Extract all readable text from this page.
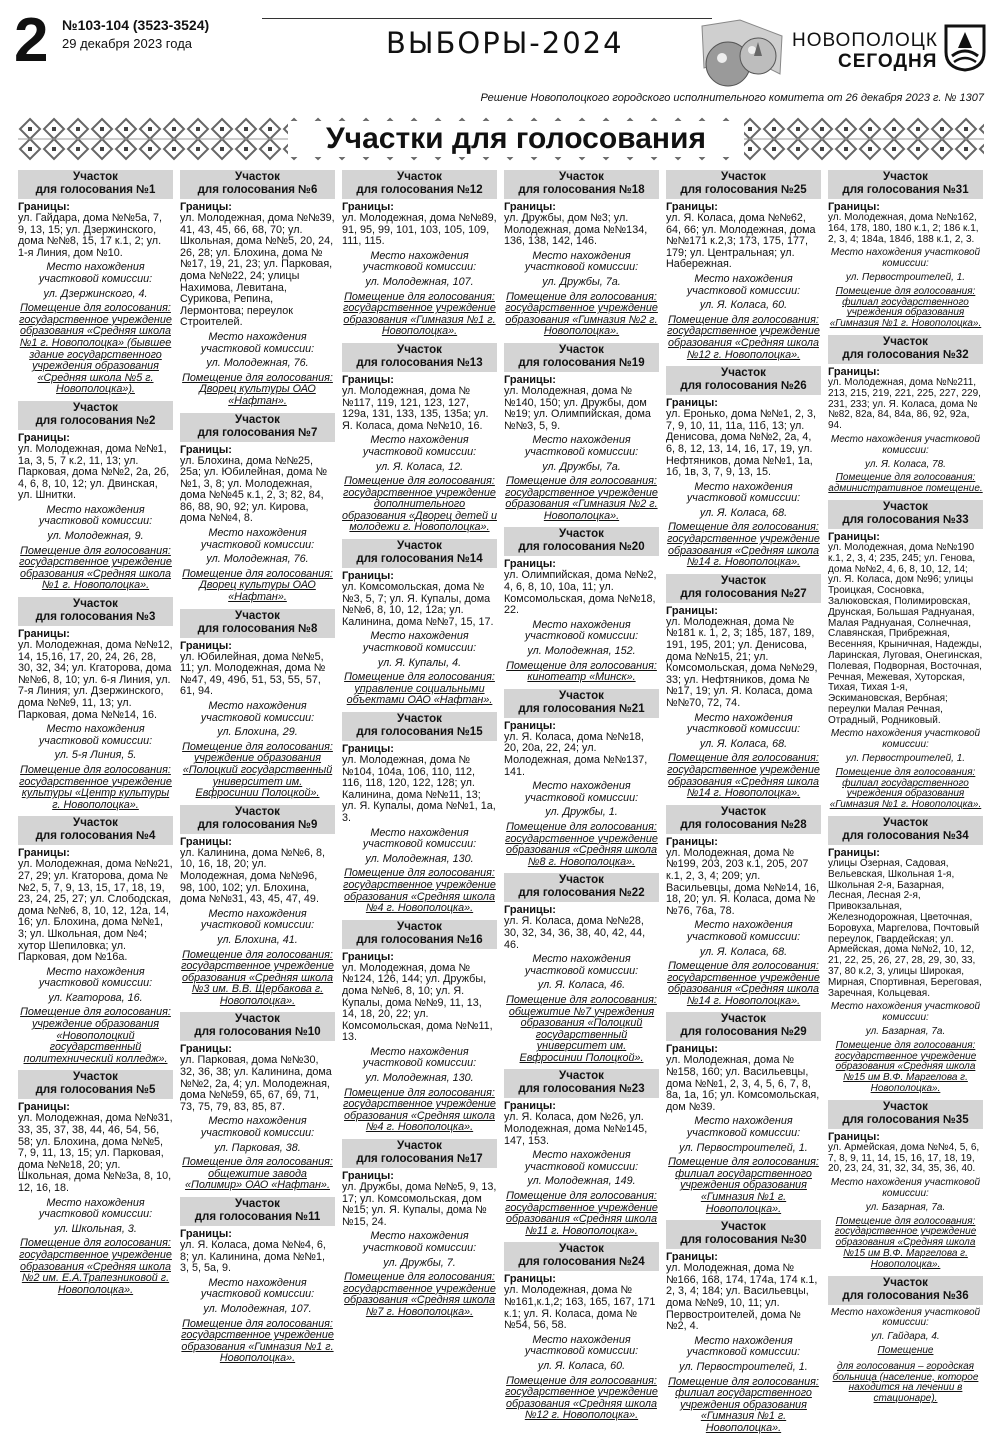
2 №103-104 (3523-3524)
29 декабря 2023 года	ВЫБОРЫ-2024	НОВОПОЛОЦК
СЕГОДНЯ
Решение Новополоцкого городского исполнительного комитета от 26 декабря 2023 г. № 1307
Участки для голосования
Участок
для голосования №1
Границы:
ул. Гайдара, дома №№5а, 7, 9, 13, 15; ул. Дзержинского, дома №№8, 15, 17 к.1, 2; ул. 1-я Линия, дом №10.
Место нахождения участковой комиссии:
ул. Дзержинского, 4.
Помещение для голосования:
государственное учреждение образования «Средняя школа №1 г. Новополоцка» (бывшее здание государственного учреждения образования «Средняя школа №5 г. Новополоцка»).
Участок
для голосования №2
Границы:
ул. Молодежная, дома №№1, 1а, 3, 5, 7 к.2, 11, 13; ул. Парковая, дома №№2, 2а, 2б, 4, 6, 8, 10, 12; ул. Двинская, ул. Шнитки.
Место нахождения участковой комиссии:
ул. Молодежная, 9.
Помещение для голосования:
государственное учреждение образования «Средняя школа №1 г. Новополоцка».
Участок
для голосования №3
Границы:
ул. Молодежная, дома №№12, 14, 15,16, 17, 20, 24, 26, 28, 30, 32, 34; ул. Кгаторова, дома №№6, 8, 10; ул. 6-я Линия, ул. 7-я Линия; ул. Дзержинского, дома №№9, 11, 13; ул. Парковая, дома №№14, 16.
Место нахождения участковой комиссии:
ул. 5-я Линия, 5.
Помещение для голосования:
государственное учреждение культуры «Центр культуры г. Новополоцка».
Участок
для голосования №4
Границы:
ул. Молодежная, дома №№21, 27, 29; ул. Кгаторова, дома №№2, 5, 7, 9, 13, 15, 17, 18, 19, 23, 24, 25, 27; ул. Слободская, дома №№6, 8, 10, 12, 12а, 14, 16; ул. Блохина, дома №№1, 3; ул. Школьная, дом №4; хутор Шепиловка; ул. Парковая, дом №16а.
Место нахождения участковой комиссии:
ул. Кгаторова, 16.
Помещение для голосования:
учреждение образования «Новополоцкий государственный политехнический колледж».
Участок
для голосования №5
Границы:
ул. Молодежная, дома №№31, 33, 35, 37, 38, 44, 46, 54, 56, 58; ул. Блохина, дома №№5, 7, 9, 11, 13, 15; ул. Парковая, дома №№18, 20; ул. Школьная, дома №№3а, 8, 10, 12, 16, 18.
Место нахождения участковой комиссии:
ул. Школьная, 3.
Помещение для голосования:
государственное учреждение образования «Средняя школа №2 им. Е.А.Трапезниковой г. Новополоцка».
Участок
для голосования №6
Границы:
ул. Молодежная, дома №№39, 41, 43, 45, 66, 68, 70; ул. Школьная, дома №№5, 20, 24, 26, 28; ул. Блохина, дома №№17, 19, 21, 23; ул. Парковая, дома №№22, 24; улицы Нахимова, Левитана, Сурикова, Репина, Лермонтова; переулок Строителей.
Место нахождения участковой комиссии:
ул. Молодежная, 76.
Помещение для голосования:
Дворец культуры ОАО «Нафтан».
Участок
для голосования №7
Границы:
ул. Блохина, дома №№25, 25а; ул. Юбилейная, дома №№1, 3, 8; ул. Молодежная, дома №№45 к.1, 2, 3; 82, 84, 86, 88, 90, 92; ул. Кирова, дома №№4, 8.
Место нахождения участковой комиссии:
ул. Молодежная, 76.
Помещение для голосования:
Дворец культуры ОАО «Нафтан».
Участок
для голосования №8
Границы:
ул. Юбилейная, дома №№5, 11; ул. Молодежная, дома №№47, 49, 49б, 51, 53, 55, 57, 61, 94.
Место нахождения участковой комиссии:
ул. Блохина, 29.
Помещение для голосования:
учреждение образования «Полоцкий государственный университет им. Евфросинии Полоцкой».
Участок
для голосования №9
Границы:
ул. Калинина, дома №№6, 8, 10, 16, 18, 20; ул. Молодежная, дома №№96, 98, 100, 102; ул. Блохина, дома №№31, 43, 45, 47, 49.
Место нахождения участковой комиссии:
ул. Блохина, 41.
Помещение для голосования:
государственное учреждение образования «Средняя школа №3 им. В.В. Щербакова г. Новополоцка».
Участок
для голосования №10
Границы:
ул. Парковая, дома №№30, 32, 36, 38; ул. Калинина, дома №№2, 2а, 4; ул. Молодежная, дома №№59, 65, 67, 69, 71, 73, 75, 79, 83, 85, 87.
Место нахождения участковой комиссии:
ул. Парковая, 38.
Помещение для голосования:
общежитие завода «Полимир» ОАО «Нафтан».
Участок
для голосования №11
Границы:
ул. Я. Коласа, дома №№4, 6, 8; ул. Калинина, дома №№1, 3, 5, 5а, 9.
Место нахождения участковой комиссии:
ул. Молодежная, 107.
Помещение для голосования:
государственное учреждение образования «Гимназия №1 г. Новополоцка».
Участок
для голосования №12
Границы:
ул. Молодежная, дома №№89, 91, 95, 99, 101, 103, 105, 109, 111, 115.
Место нахождения участковой комиссии:
ул. Молодежная, 107.
Помещение для голосования:
государственное учреждение образования «Гимназия №1 г. Новополоцка».
Участок
для голосования №13
Границы:
ул. Молодежная, дома №№117, 119, 121, 123, 127, 129а, 131, 133, 135, 135а; ул. Я. Коласа, дома №№10, 16.
Место нахождения участковой комиссии:
ул. Я. Коласа, 12.
Помещение для голосования:
государственное учреждение дополнительного образования «Дворец детей и молодежи г. Новополоцка».
Участок
для голосования №14
Границы:
ул. Комсомольская, дома №№3, 5, 7; ул. Я. Купалы, дома №№6, 8, 10, 12, 12а; ул. Калинина, дома №№7, 15, 17.
Место нахождения участковой комиссии:
ул. Я. Купалы, 4.
Помещение для голосования:
управление социальными объектами ОАО «Нафтан».
Участок
для голосования №15
Границы:
ул. Молодежная, дома №№104, 104а, 106, 110, 112, 116, 118, 120, 122, 128; ул. Калинина, дома №№11, 13; ул. Я. Купалы, дома №№1, 1а, 3.
Место нахождения участковой комиссии:
ул. Молодежная, 130.
Помещение для голосования:
государственное учреждение образования «Средняя школа №4 г. Новополоцка».
Участок
для голосования №16
Границы:
ул. Молодежная, дома №№124, 126, 144; ул. Дружбы, дома №№6, 8, 10; ул. Я. Купалы, дома №№9, 11, 13, 14, 18, 20, 22; ул. Комсомольская, дома №№11, 13.
Место нахождения участковой комиссии:
ул. Молодежная, 130.
Помещение для голосования:
государственное учреждение образования «Средняя школа №4 г. Новополоцка».
Участок
для голосования №17
Границы:
ул. Дружбы, дома №№5, 9, 13, 17; ул. Комсомольская, дом №15; ул. Я. Купалы, дома №№15, 24.
Место нахождения участковой комиссии:
ул. Дружбы, 7.
Помещение для голосования:
государственное учреждение образования «Средняя школа №7 г. Новополоцка».
Участок
для голосования №18
Границы:
ул. Дружбы, дом №3; ул. Молодежная, дома №№134, 136, 138, 142, 146.
Место нахождения участковой комиссии:
ул. Дружбы, 7а.
Помещение для голосования:
государственное учреждение образования «Гимназия №2 г. Новополоцка».
Участок
для голосования №19
Границы:
ул. Молодежная, дома №№140, 150; ул. Дружбы, дом №19; ул. Олимпийская, дома №№3, 5, 9.
Место нахождения участковой комиссии:
ул. Дружбы, 7а.
Помещение для голосования:
государственное учреждение образования «Гимназия №2 г. Новополоцка».
Участок
для голосования №20
Границы:
ул. Олимпийская, дома №№2, 4, 6, 8, 10, 10а, 11; ул. Комсомольская, дома №№18, 22.
Место нахождения участковой комиссии:
ул. Молодежная, 152.
Помещение для голосования:
кинотеатр «Минск».
Участок
для голосования №21
Границы:
ул. Я. Коласа, дома №№18, 20, 20а, 22, 24; ул. Молодежная, дома №№137, 141.
Место нахождения участковой комиссии:
ул. Дружбы, 1.
Помещение для голосования:
государственное учреждение образования «Средняя школа №8 г. Новополоцка».
Участок
для голосования №22
Границы:
ул. Я. Коласа, дома №№28, 30, 32, 34, 36, 38, 40, 42, 44, 46.
Место нахождения участковой комиссии:
ул. Я. Коласа, 46.
Помещение для голосования:
общежитие №7 учреждения образования «Полоцкий государственный университет им. Евфросинии Полоцкой».
Участок
для голосования №23
Границы:
ул. Я. Коласа, дом №26, ул. Молодежная, дома №№145, 147, 153.
Место нахождения участковой комиссии:
ул. Молодежная, 149.
Помещение для голосования:
государственное учреждение образования «Средняя школа №11 г. Новополоцка».
Участок
для голосования №24
Границы:
ул. Молодежная, дома №№161,к.1,2; 163, 165, 167, 171 к.1; ул. Я. Коласа, дома №№54, 56, 58.
Место нахождения участковой комиссии:
ул. Я. Коласа, 60.
Помещение для голосования:
государственное учреждение образования «Средняя школа №12 г. Новополоцка».
Участок
для голосования №25
Границы:
ул. Я. Коласа, дома №№62, 64, 66; ул. Молодежная, дома №№171 к.2,3; 173, 175, 177, 179; ул. Центральная; ул. Набережная.
Место нахождения участковой комиссии:
ул. Я. Коласа, 60.
Помещение для голосования:
государственное учреждение образования «Средняя школа №12 г. Новополоцка».
Участок
для голосования №26
Границы:
ул. Еронько, дома №№1, 2, 3, 7, 9, 10, 11, 11а, 11б, 13; ул. Денисова, дома №№2, 2а, 4, 6, 8, 12, 13, 14, 16, 17, 19, ул. Нефтяников, дома №№1, 1а, 1б, 1в, 3, 7, 9, 13, 15.
Место нахождения участковой комиссии:
ул. Я. Коласа, 68.
Помещение для голосования:
государственное учреждение образования «Средняя школа №14 г. Новополоцка».
Участок
для голосования №27
Границы:
ул. Молодежная, дома №№181 к. 1, 2, 3; 185, 187, 189, 191, 195, 201; ул. Денисова, дома №№15, 21; ул. Комсомольская, дома №№29, 33; ул. Нефтяников, дома №№17, 19; ул. Я. Коласа, дома №№70, 72, 74.
Место нахождения участковой комиссии:
ул. Я. Коласа, 68.
Помещение для голосования:
государственное учреждение образования «Средняя школа №14 г. Новополоцка».
Участок
для голосования №28
Границы:
ул. Молодежная, дома №№199, 203, 203 к.1, 205, 207 к.1, 2, 3, 4; 209; ул. Васильевцы, дома №№14, 16, 18, 20; ул. Я. Коласа, дома №№76, 76а, 78.
Место нахождения участковой комиссии:
ул. Я. Коласа, 68.
Помещение для голосования:
государственное учреждение образования «Средняя школа №14 г. Новополоцка».
Участок
для голосования №29
Границы:
ул. Молодежная, дома №№158, 160; ул. Васильевцы, дома №№1, 2, 3, 4, 5, 6, 7, 8, 8а, 1а, 1б; ул. Комсомольская, дом №39.
Место нахождения участковой комиссии:
ул. Первостроителей, 1.
Помещение для голосования:
филиал государственного учреждения образования «Гимназия №1 г. Новополоцка».
Участок
для голосования №30
Границы:
ул. Молодежная, дома №№166, 168, 174, 174а, 174 к.1, 2, 3, 4; 184; ул. Васильевцы, дома №№9, 10, 11; ул. Первостроителей, дома №№2, 4.
Место нахождения участковой комиссии:
ул. Первостроителей, 1.
Помещение для голосования:
филиал государственного учреждения образования «Гимназия №1 г. Новополоцка».
Участок
для голосования №31
Границы:
ул. Молодежная, дома №№162, 164, 178, 180, 180 к.1, 2; 186 к.1, 2, 3, 4; 184а, 184б, 188 к.1, 2, 3.
Место нахождения участковой комиссии:
ул. Первостроителей, 1.
Помещение для голосования:
филиал государственного учреждения образования «Гимназия №1 г. Новополоцка».
Участок
для голосования №32
Границы:
ул. Молодежная, дома №№211, 213, 215, 219, 221, 225, 227, 229, 231, 233; ул. Я. Коласа, дома №№82, 82а, 84, 84а, 86, 92, 92а, 94.
Место нахождения участковой комиссии:
ул. Я. Коласа, 78.
Помещение для голосования:
административное помещение.
Участок
для голосования №33
Границы:
ул. Молодежная, дома №№190 к.1, 2, 3, 4; 235, 245; ул. Генова, дома №№2, 4, 6, 8, 10, 12, 14; ул. Я. Коласа, дом №96; улицы Троицкая, Сосновка, Залюковская, Полимировская, Друнская, Большая Раднуаная, Малая Раднуаная, Солнечная, Славянская, Прибрежная, Весенняя, Крыничная, Надежды, Ларинская, Луговая, Онегинская, Полевая, Подворная, Восточная, Речная, Межевая, Хуторская, Тихая, Тихая 1-я, Эскимановская, Вербная; переулки Малая Речная, Отрадный, Родниковый.
Место нахождения участковой комиссии:
ул. Первостроителей, 1.
Помещение для голосования:
филиал государственного учреждения образования «Гимназия №1 г. Новополоцка».
Участок
для голосования №34
Границы:
улицы Озерная, Садовая, Вельевская, Школьная 1-я, Школьная 2-я, Базарная, Лесная, Лесная 2-я, Привокзальная, Железнодорожная, Цветочная, Боровуха, Маргелова, Почтовый переулок, Гвардейская; ул. Армейская, дома №№2, 10, 12, 21, 22, 25, 26, 27, 28, 29, 30, 33, 37, 80 к.2, 3, улицы Широкая, Мирная, Спортивная, Береговая, Заречная, Кольцевая.
Место нахождения участковой комиссии:
ул. Базарная, 7а.
Помещение для голосования:
государственное учреждение образования «Средняя школа №15 им В.Ф. Маргелова г. Новополоцка».
Участок
для голосования №35
Границы:
ул. Армейская, дома №№4, 5, 6, 7, 8, 9, 11, 14, 15, 16, 17, 18, 19, 20, 23, 24, 31, 32, 34, 35, 36, 40.
Место нахождения участковой комиссии:
ул. Базарная, 7а.
Помещение для голосования:
государственное учреждение образования «Средняя школа №15 им В.Ф. Маргелова г. Новополоцка».
Участок
для голосования №36
Место нахождения участковой комиссии:
ул. Гайдара, 4.
Помещение
для голосования – городская больница (население, которое находится на лечении в стационаре).
